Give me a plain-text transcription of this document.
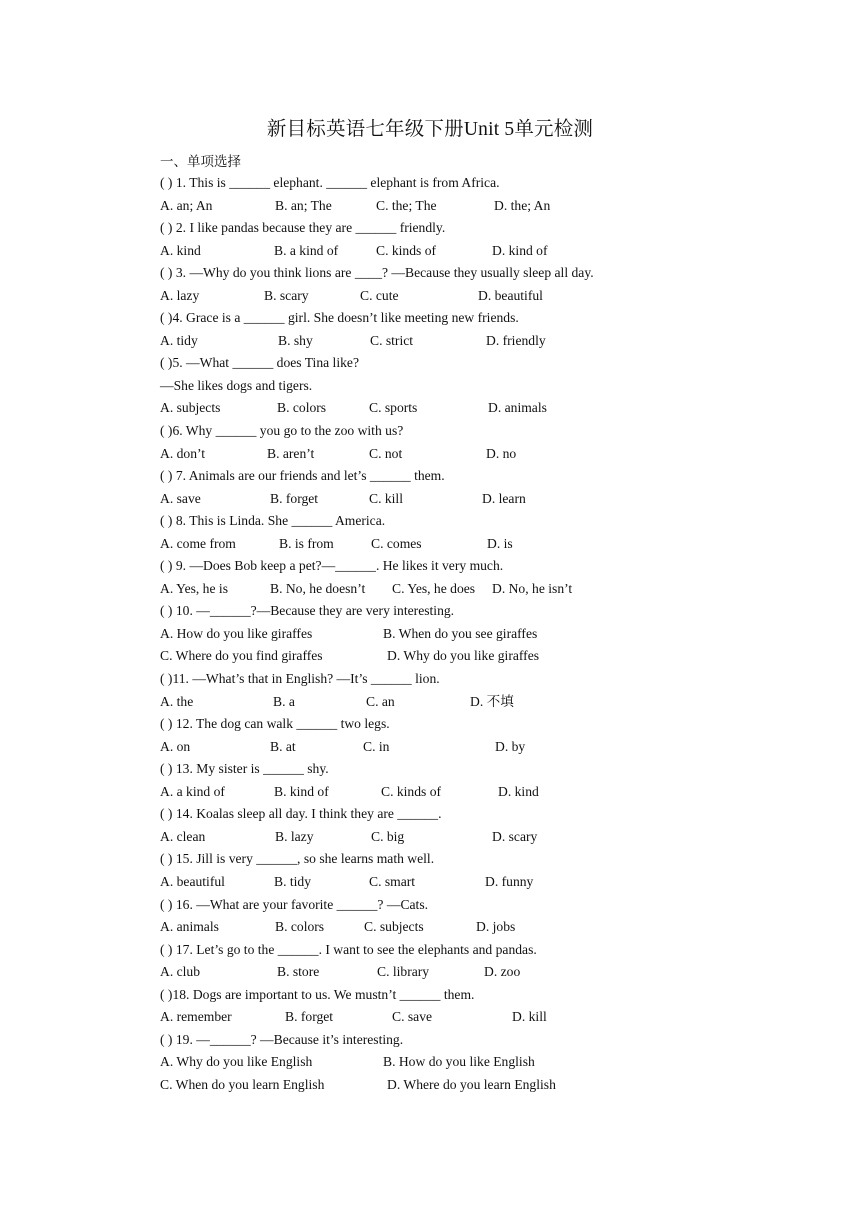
新目标英语七年级下册Unit 5单元检测
一、单项选择
( ) 1. This is ______ elephant. ______ elephant is from Africa.
A. an; An	B. an; The	C. the; The	D. the; An
( ) 2. I like pandas because they are ______ friendly.
A. kind	B. a kind of	C. kinds of	D. kind of
( ) 3. —Why do you think lions are ____? —Because they usually sleep all day.
A. lazy	B. scary	C. cute	D. beautiful
( )4. Grace is a ______ girl. She doesn’t like meeting new friends.
A. tidy	B. shy	C. strict	D. friendly
( )5. —What ______ does Tina like?
—She likes dogs and tigers.
A. subjects	B. colors	C. sports	D. animals
( )6. Why ______ you go to the zoo with us?
A. don’t	B. aren’t	C. not	D. no
( ) 7. Animals are our friends and let’s ______ them.
A. save	B. forget	C. kill	D. learn
( ) 8. This is Linda. She ______ America.
A. come from	B. is from	C. comes	D. is
( ) 9. —Does Bob keep a pet?—______. He likes it very much.
A. Yes, he is	B. No, he doesn’t C. Yes, he does D. No, he isn’t
( ) 10. —______?—Because they are very interesting.
A. How do you like giraffes	B. When do you see giraffes
C. Where do you find giraffes	D. Why do you like giraffes
( )11. —What’s that in English? —It’s ______ lion.
A. the	B. a	C. an	D. 不填
( ) 12. The dog can walk ______ two legs.
A. on	B. at	C. in	D. by
( ) 13. My sister is ______ shy.
A. a kind of	B. kind of	C. kinds of	D. kind
( ) 14. Koalas sleep all day. I think they are ______.
A. clean	B. lazy	C. big	D. scary
( ) 15. Jill is very ______, so she learns math well.
A. beautiful	B. tidy	C. smart	D. funny
( ) 16. —What are your favorite ______? —Cats.
A. animals	B. colors	C. subjects	D. jobs
( ) 17. Let’s go to the ______. I want to see the elephants and pandas.
A. club	B. store	C. library	D. zoo
( )18. Dogs are important to us. We mustn’t ______ them.
A. remember	B. forget	C. save	D. kill
( ) 19. —______? —Because it’s interesting.
A. Why do you like English	B. How do you like English
C. When do you learn English	D. Where do you learn English
